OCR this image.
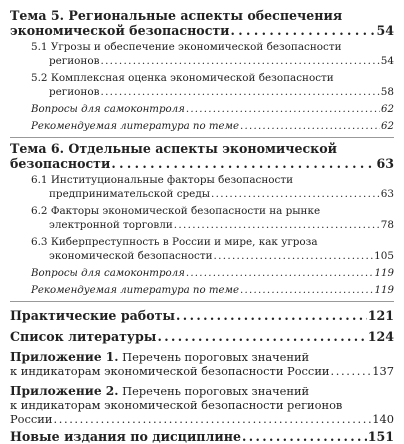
Тема 5. Региональные аспекты обеспечения
экономической безопасности . . .	54
5.1 Угрозы и обеспечение экономической безопасности
регионов . . .	54
5.2 Комплексная оценка экономической безопасности
регионов . . .	58
Вопросы для самоконтроля . . .	62
Рекомендуемая литература по теме . . .	62
Тема 6. Отдельные аспекты экономической
безопасности . . .	63
6.1 Институциональные факторы безопасности
предпринимательской среды . . .	63
6.2 Факторы экономической безопасности на рынке
электронной торговли . . .	78
6.3 Киберпреступность в России и мире, как угроза
экономической безопасности . . .	105
Вопросы для самоконтроля . . .	119
Рекомендуемая литература по теме . . .	119
Практические работы . . .	121
Список литературы . . .	124
Приложение 1. Перечень пороговых значений
к индикаторам экономической безопасности России . . .	137
Приложение 2. Перечень пороговых значений
к индикаторам экономической безопасности регионов
России . . .	140
Новые издания по дисциплине . . .	151
